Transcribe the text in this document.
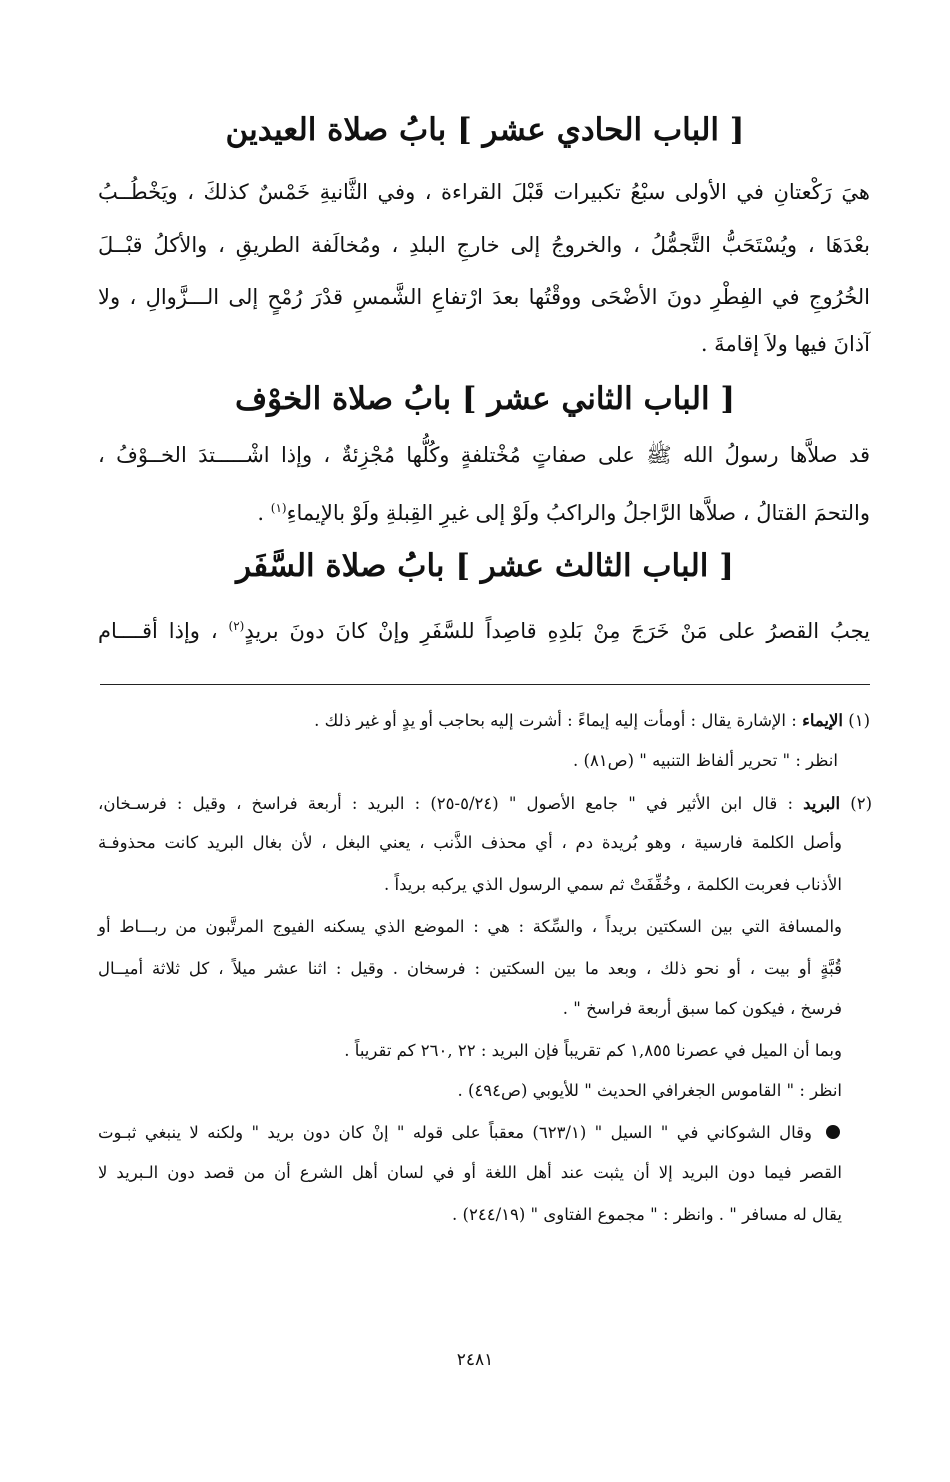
[ الباب الحادي عشر ] بابُ صلاة العيدين
هيَ رَكْعتانِ في الأولى سبْعُ تكبيرات قَبْلَ القراءة ، وفي الثَّانيةِ خَمْسٌ كذلكَ ، ويَخْطُــبُ
بعْدَهَا ، ويُسْتَحَبُّ التَّجمُّلُ ، والخروجُ إلى خارجِ البلدِ ، ومُخالَفة الطريقِ ، والأكلُ قبْــلَ
الخُرُوجِ في الفِطْرِ دونَ الأضْحَى ووقْتُها بعدَ ارْتفاعِ الشَّمسِ قدْرَ رُمْحٍ إلى الـــزَّوالِ ، ولا
آذانَ فيها ولاَ إقامةَ .
[ الباب الثاني عشر ] بابُ صلاة الخوْف
قد صلاَّها رسولُ الله ﷺ على صفاتٍ مُخْتلفةٍ وكُلُّها مُجْزِئةٌ ، وإذا اشْـــــتدَ الخــوْفُ ،
والتحمَ القتالُ ، صلاَّها الرَّاجلُ والراكبُ ولَوْ إلى غيرِ القِبلةِ ولَوْ بالإيماءِ$^{(١)}$ .
[ الباب الثالث عشر ] بابُ صلاة السَّفَر
يجبُ القصرُ على مَنْ خَرَجَ مِنْ بَلدِهِ قاصِداً للسَّفَرِ وإنْ كانَ دونَ بريدٍ$^{(٢)}$ ، وإذا أقــــام
(١) الإيماء : الإشارة يقال : أومأت إليه إيماءً : أشرت إليه بحاجب أو يدٍ أو غير ذلك .
انظر : " تحرير ألفاظ التنبيه " (ص٨١) .
(٢) البريد : قال ابن الأثير في " جامع الأصول " (٥/٢٤-٢٥) : البريد : أربعة فراسخ ، وقيل : فرسـخان،
وأصل الكلمة فارسية ، وهو بُريدة دم ، أي محذف الذَّنب ، يعني البغل ، لأن بغال البريد كانت محذوفـة
الأذناب فعربت الكلمة ، وخُفِّفَتْ ثم سمي الرسول الذي يركبه بريداً .
والمسافة التي بين السكتين بريداً ، والسِّكة : هي : الموضع الذي يسكنه الفيوج المرتَّبون من ربـــاط أو
قُبَّةٍ أو بيت ، أو نحو ذلك ، وبعد ما بين السكتين : فرسخان . وقيل : اثنا عشر ميلاً ، كل ثلاثة أميــال
فرسخ ، فيكون كما سبق أربعة فراسخ " .
وبما أن الميل في عصرنا ١,٨٥٥ كم تقريباً فإن البريد : ٢٢ ,٢٦٠ كم تقريباً .
انظر : " القاموس الجغرافي الحديث " للأيوبي (ص٤٩٤) .
وقال الشوكاني في " السيل " (٦٢٣/١) معقباً على قوله " إنْ كان دون بريد " ولكنه لا ينبغي ثبـوت
القصر فيما دون البريد إلا أن يثبت عند أهل اللغة أو في لسان أهل الشرع أن من قصد دون الـبريد لا
يقال له مسافر " . وانظر : " مجموع الفتاوى " (٢٤٤/١٩) .
٢٤٨١
